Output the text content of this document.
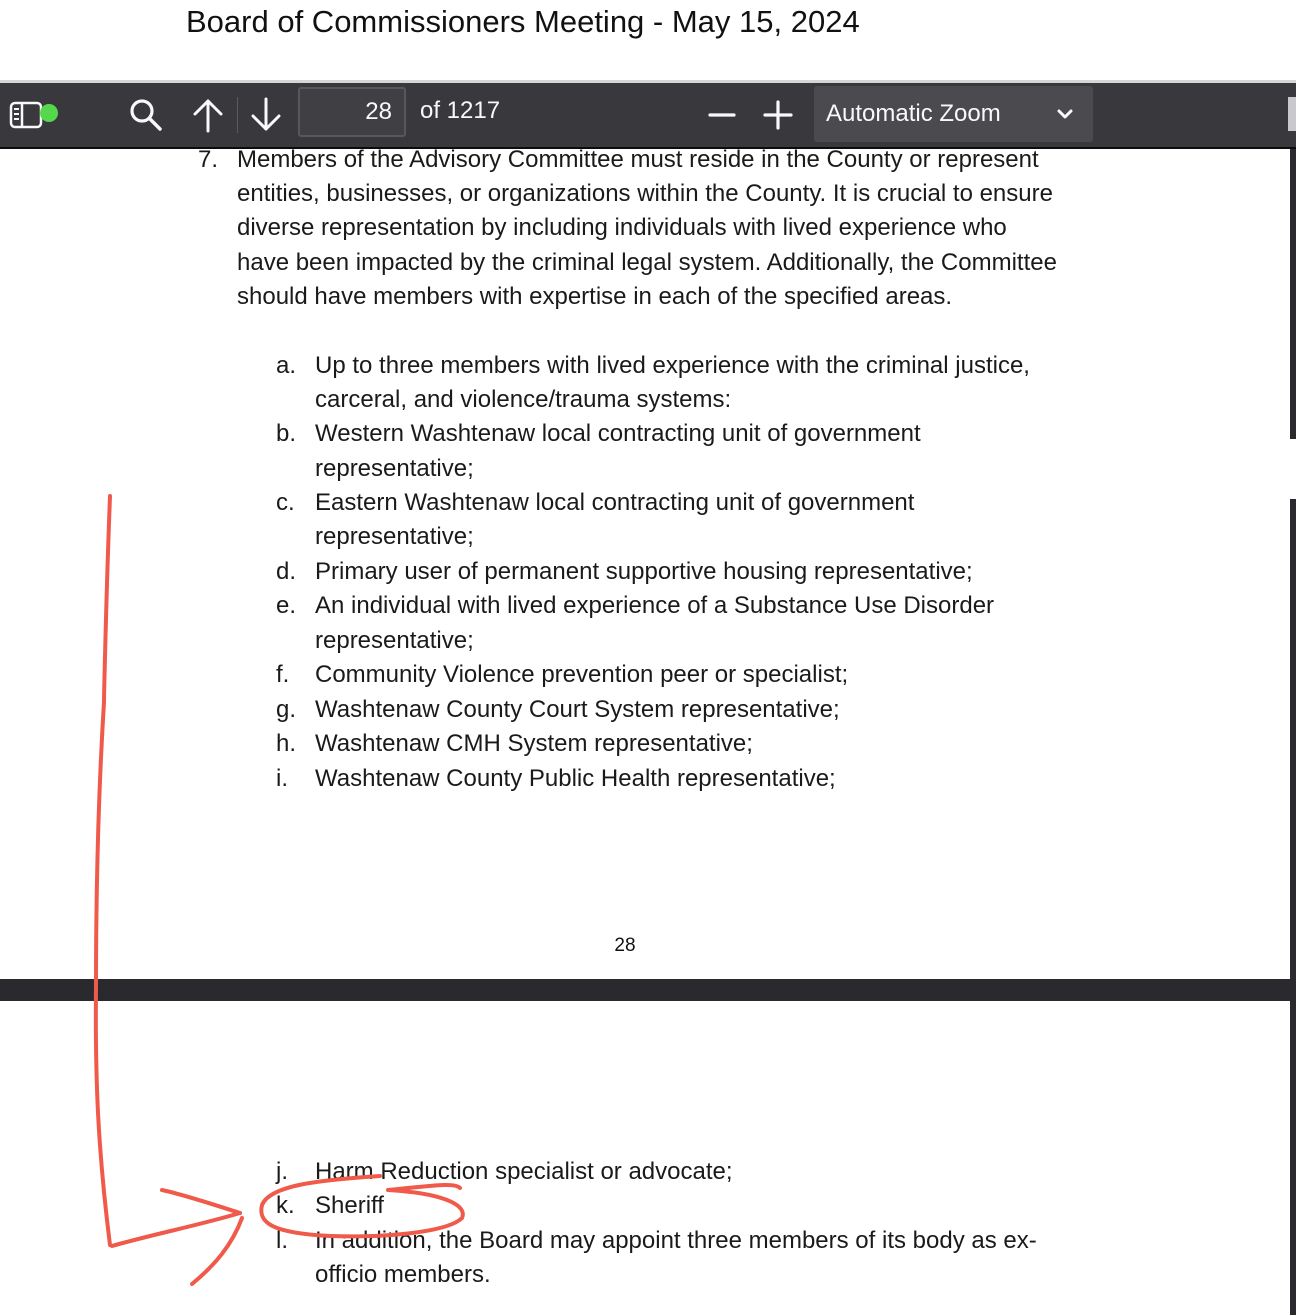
Board of Commissioners Meeting - May 15, 2024
28	of 1217	Automatic Zoom
7. Members of the Advisory Committee must reside in the County or represent
entities, businesses, or organizations within the County. It is crucial to ensure
diverse representation by including individuals with lived experience who
have been impacted by the criminal legal system. Additionally, the Committee
should have members with expertise in each of the specified areas.
a. Up to three members with lived experience with the criminal justice,
carceral, and violence/trauma systems:
b. Western Washtenaw local contracting unit of government
representative;
c. Eastern Washtenaw local contracting unit of government
representative;
d. Primary user of permanent supportive housing representative;
e. An individual with lived experience of a Substance Use Disorder
representative;
f. Community Violence prevention peer or specialist;
g. Washtenaw County Court System representative;
h. Washtenaw CMH System representative;
i. Washtenaw County Public Health representative;
28
j. Harm Reduction specialist or advocate;
k. Sheriff
l. In addition, the Board may appoint three members of its body as ex-
officio members.
